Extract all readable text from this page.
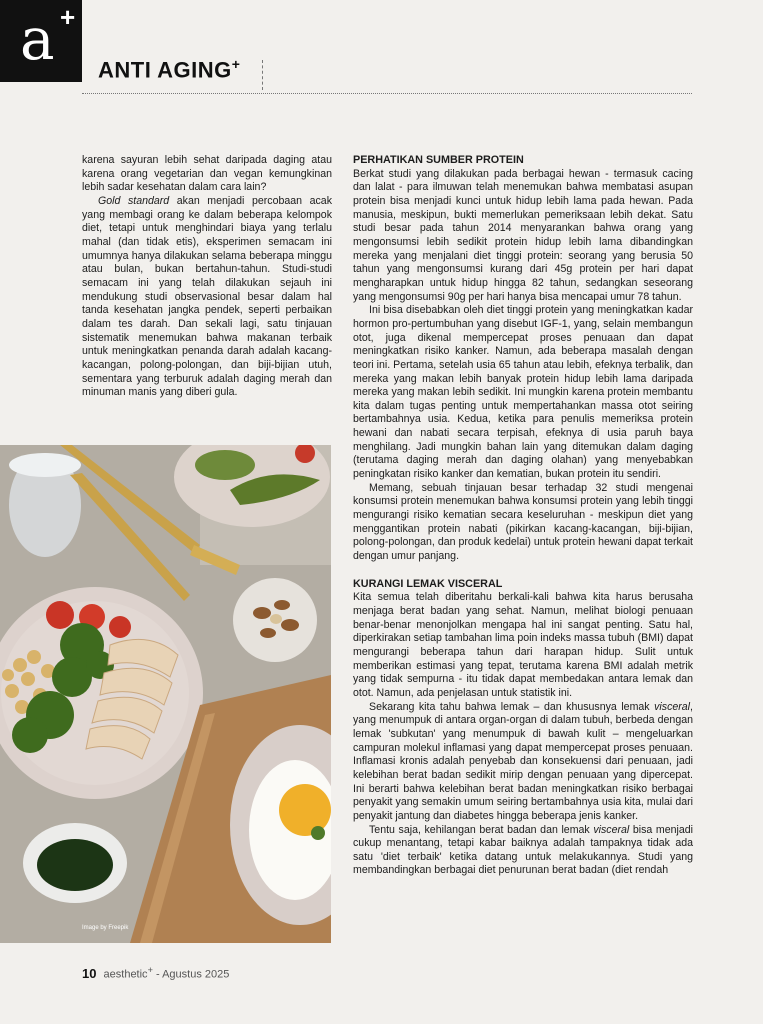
a +
ANTI AGING+

karena sayuran lebih sehat daripada daging atau karena orang vegetarian dan vegan kemungkinan lebih sadar kesehatan dalam cara lain?

Gold standard akan menjadi percobaan acak yang membagi orang ke dalam beberapa kelompok diet, tetapi untuk menghindari biaya yang terlalu mahal (dan tidak etis), eksperimen semacam ini umumnya hanya dilakukan selama beberapa minggu atau bulan, bukan bertahun-tahun. Studi-studi semacam ini yang telah dilakukan sejauh ini mendukung studi observasional besar dalam hal tanda kesehatan jangka pendek, seperti perbaikan dalam tes darah. Dan sekali lagi, satu tinjauan sistematik menemukan bahwa makanan terbaik untuk meningkatkan penanda darah adalah kacang-kacangan, polong-polongan, dan biji-bijian utuh, sementara yang terburuk adalah daging merah dan minuman manis yang diberi gula.

PERHATIKAN SUMBER PROTEIN

Berkat studi yang dilakukan pada berbagai hewan - termasuk cacing dan lalat - para ilmuwan telah menemukan bahwa membatasi asupan protein bisa menjadi kunci untuk hidup lebih lama pada hewan. Pada manusia, meskipun, bukti memerlukan pemeriksaan lebih dekat. Satu studi besar pada tahun 2014 menyarankan bahwa orang yang mengonsumsi lebih sedikit protein hidup lebih lama dibandingkan mereka yang menjalani diet tinggi protein: seorang yang berusia 50 tahun yang mengonsumsi kurang dari 45g protein per hari dapat mengharapkan untuk hidup hingga 82 tahun, sedangkan seseorang yang mengonsumsi 90g per hari hanya bisa mencapai umur 78 tahun.

Ini bisa disebabkan oleh diet tinggi protein yang meningkatkan kadar hormon pro-pertumbuhan yang disebut IGF-1, yang, selain membangun otot, juga dikenal mempercepat proses penuaan dan dapat meningkatkan risiko kanker. Namun, ada beberapa masalah dengan teori ini. Pertama, setelah usia 65 tahun atau lebih, efeknya terbalik, dan mereka yang makan lebih banyak protein hidup lebih lama daripada mereka yang makan lebih sedikit. Ini mungkin karena protein membantu kita dalam tugas penting untuk mempertahankan massa otot seiring bertambahnya usia. Kedua, ketika para penulis memeriksa protein hewani dan nabati secara terpisah, efeknya di usia paruh baya menghilang. Jadi mungkin bahan lain yang ditemukan dalam daging (terutama daging merah dan daging olahan) yang menyebabkan peningkatan risiko kanker dan kematian, bukan protein itu sendiri.

Memang, sebuah tinjauan besar terhadap 32 studi mengenai konsumsi protein menemukan bahwa konsumsi protein yang lebih tinggi mengurangi risiko kematian secara keseluruhan - meskipun diet yang menggantikan protein nabati (pikirkan kacang-kacangan, biji-bijian, polong-polongan, dan produk kedelai) untuk protein hewani dapat terkait dengan umur panjang.

KURANGI LEMAK VISCERAL

Kita semua telah diberitahu berkali-kali bahwa kita harus berusaha menjaga berat badan yang sehat. Namun, melihat biologi penuaan benar-benar menonjolkan mengapa hal ini sangat penting. Satu hal, diperkirakan setiap tambahan lima poin indeks massa tubuh (BMI) dapat mengurangi beberapa tahun dari harapan hidup. Sulit untuk memberikan estimasi yang tepat, terutama karena BMI adalah metrik yang tidak sempurna - itu tidak dapat membedakan antara lemak dan otot. Namun, ada penjelasan untuk statistik ini.

Sekarang kita tahu bahwa lemak – dan khususnya lemak visceral, yang menumpuk di antara organ-organ di dalam tubuh, berbeda dengan lemak 'subkutan' yang menumpuk di bawah kulit – mengeluarkan campuran molekul inflamasi yang dapat mempercepat proses penuaan. Inflamasi kronis adalah penyebab dan konsekuensi dari penuaan, jadi kelebihan berat badan sedikit mirip dengan penuaan yang dipercepat. Ini berarti bahwa kelebihan berat badan meningkatkan risiko berbagai penyakit yang semakin umum seiring bertambahnya usia kita, mulai dari penyakit jantung dan diabetes hingga beberapa jenis kanker.

Tentu saja, kehilangan berat badan dan lemak visceral bisa menjadi cukup menantang, tetapi kabar baiknya adalah tampaknya tidak ada satu 'diet terbaik' ketika datang untuk melakukannya. Studi yang membandingkan berbagai diet penurunan berat badan (diet rendah

Image by Freepik
10 aesthetic+ - Agustus 2025
